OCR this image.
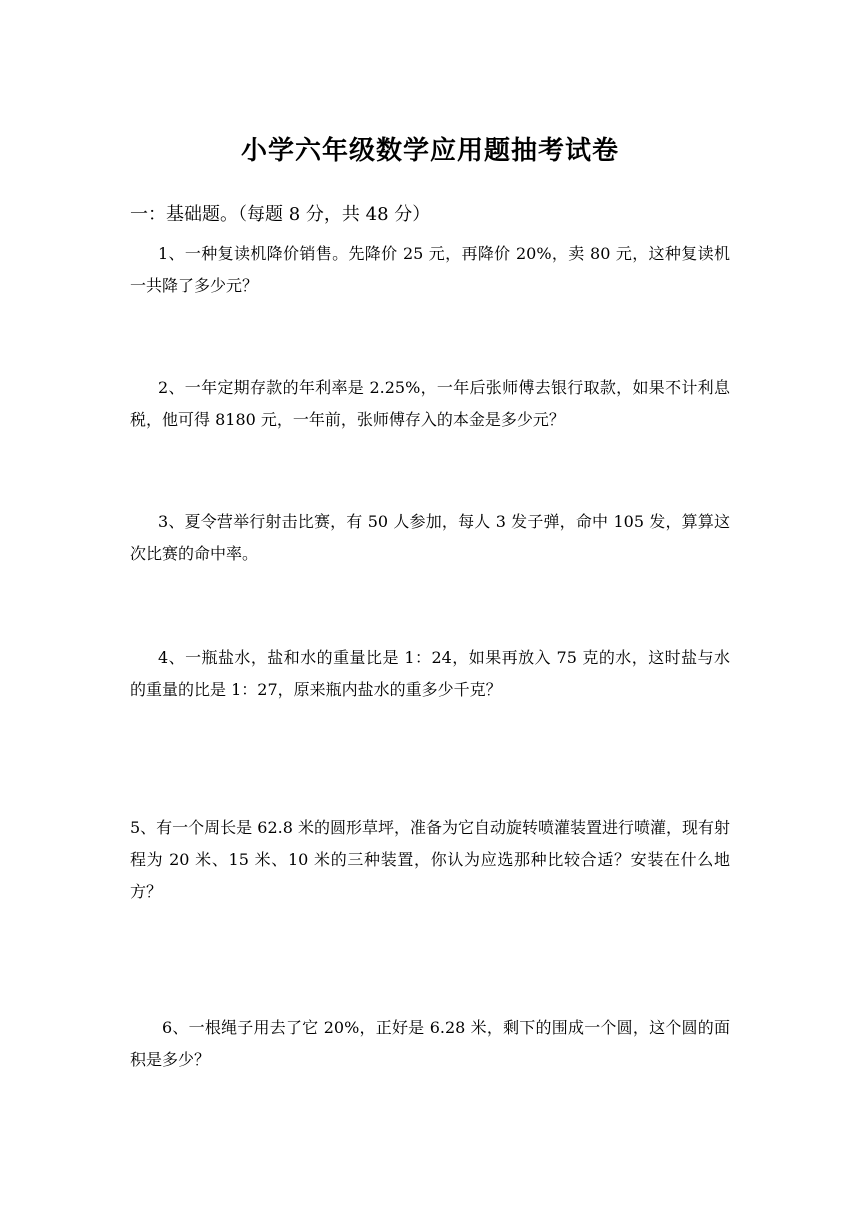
小学六年级数学应用题抽考试卷
一：基础题。（每题 8 分，共 48 分）
1、一种复读机降价销售。先降价 25 元，再降价 20%，卖 80 元，这种复读机一共降了多少元？
2、一年定期存款的年利率是 2.25%，一年后张师傅去银行取款，如果不计利息税，他可得 8180 元，一年前，张师傅存入的本金是多少元？
3、夏令营举行射击比赛，有 50 人参加，每人 3 发子弹，命中 105 发，算算这次比赛的命中率。
4、一瓶盐水，盐和水的重量比是 1：24，如果再放入 75 克的水，这时盐与水的重量的比是 1：27，原来瓶内盐水的重多少千克？
5、有一个周长是 62.8 米的圆形草坪，准备为它自动旋转喷灌装置进行喷灌，现有射程为 20 米、15 米、10 米的三种装置，你认为应选那种比较合适？安装在什么地方？
6、一根绳子用去了它 20%，正好是 6.28 米，剩下的围成一个圆，这个圆的面积是多少？
